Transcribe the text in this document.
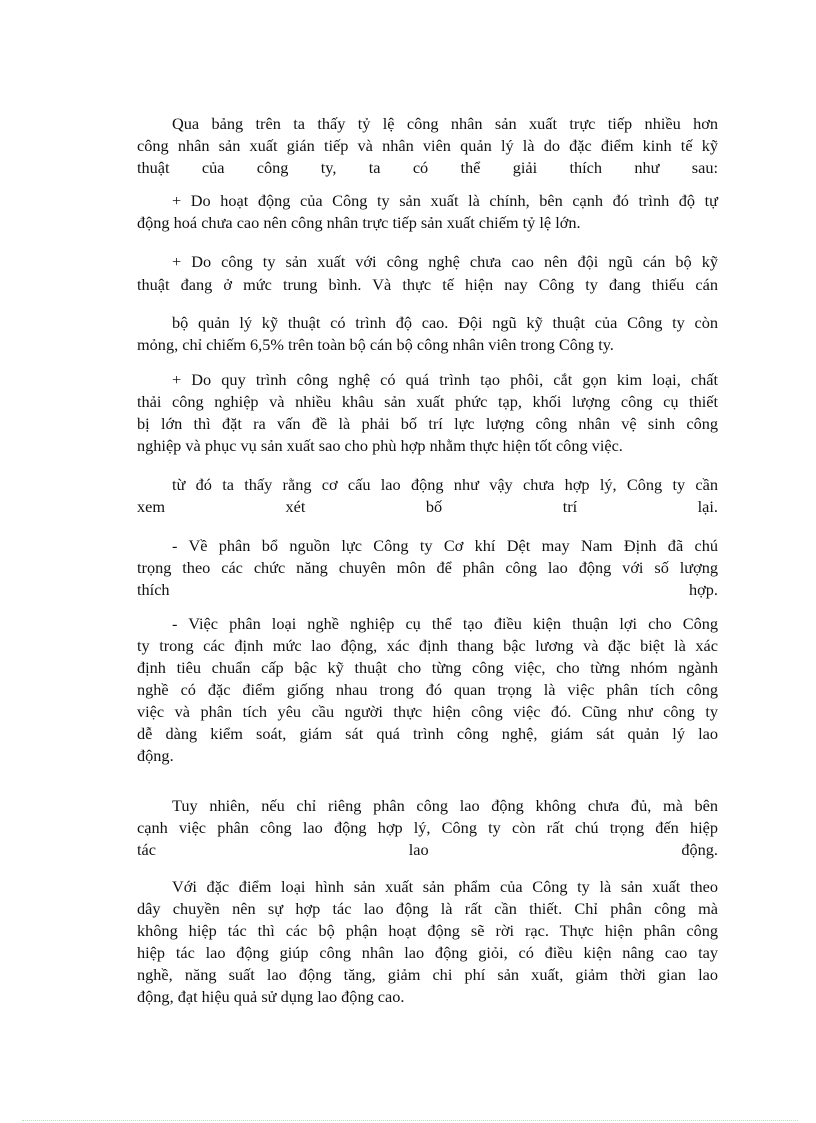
Qua bảng trên ta thấy tỷ lệ công nhân sản xuất trực tiếp nhiều hơn
công nhân sản xuất gián tiếp và nhân viên quản lý là do đặc điểm kinh tế kỹ
thuật của công ty, ta có thể giải thích như sau:
+ Do hoạt động của Công ty sản xuất là chính, bên cạnh đó trình độ tự
động hoá chưa cao nên công nhân trực tiếp sản xuất chiếm tỷ lệ lớn.
+ Do công ty sản xuất với công nghệ chưa cao nên đội ngũ cán bộ kỹ
thuật đang ở mức trung bình. Và thực tế hiện nay Công ty đang thiếu cán
bộ quản lý kỹ thuật có trình độ cao. Đội ngũ kỹ thuật của Công ty còn
mỏng, chỉ chiếm 6,5% trên toàn bộ cán bộ công nhân viên trong Công ty.
+ Do quy trình công nghệ có quá trình tạo phôi, cắt gọn kim loại, chất
thải công nghiệp và nhiều khâu sản xuất phức tạp, khối lượng công cụ thiết
bị lớn thì đặt ra vấn đề là phải bố trí lực lượng công nhân vệ sinh công
nghiệp và phục vụ sản xuất sao cho phù hợp nhằm thực hiện tốt công việc.
từ đó ta thấy rằng cơ cấu lao động như vậy chưa hợp lý, Công ty cần
xem xét bố trí lại.
- Về phân bổ nguồn lực Công ty Cơ khí Dệt may Nam Định đã chú
trọng theo các chức năng chuyên môn để phân công lao động với số lượng
thích hợp.
- Việc phân loại nghề nghiệp cụ thể tạo điều kiện thuận lợi cho Công
ty trong các định mức lao động, xác định thang bậc lương và đặc biệt là xác
định tiêu chuẩn cấp bậc kỹ thuật cho từng công việc, cho từng nhóm ngành
nghề có đặc điểm giống nhau trong đó quan trọng là việc phân tích công
việc và phân tích yêu cầu người thực hiện công việc đó. Cũng như công ty
dễ dàng kiểm soát, giám sát quá trình công nghệ, giám sát quản lý lao
động.
Tuy nhiên, nếu chỉ riêng phân công lao động không chưa đủ, mà bên
cạnh việc phân công lao động hợp lý, Công ty còn rất chú trọng đến hiệp
tác lao động.
Với đặc điểm loại hình sản xuất sản phẩm của Công ty là sản xuất theo
dây chuyền nên sự hợp tác lao động là rất cần thiết. Chỉ phân công mà
không hiệp tác thì các bộ phận hoạt động sẽ rời rạc. Thực hiện phân công
hiệp tác lao động giúp công nhân lao động giỏi, có điều kiện nâng cao tay
nghề, năng suất lao động tăng, giảm chi phí sản xuất, giảm thời gian lao
động, đạt hiệu quả sử dụng lao động cao.
